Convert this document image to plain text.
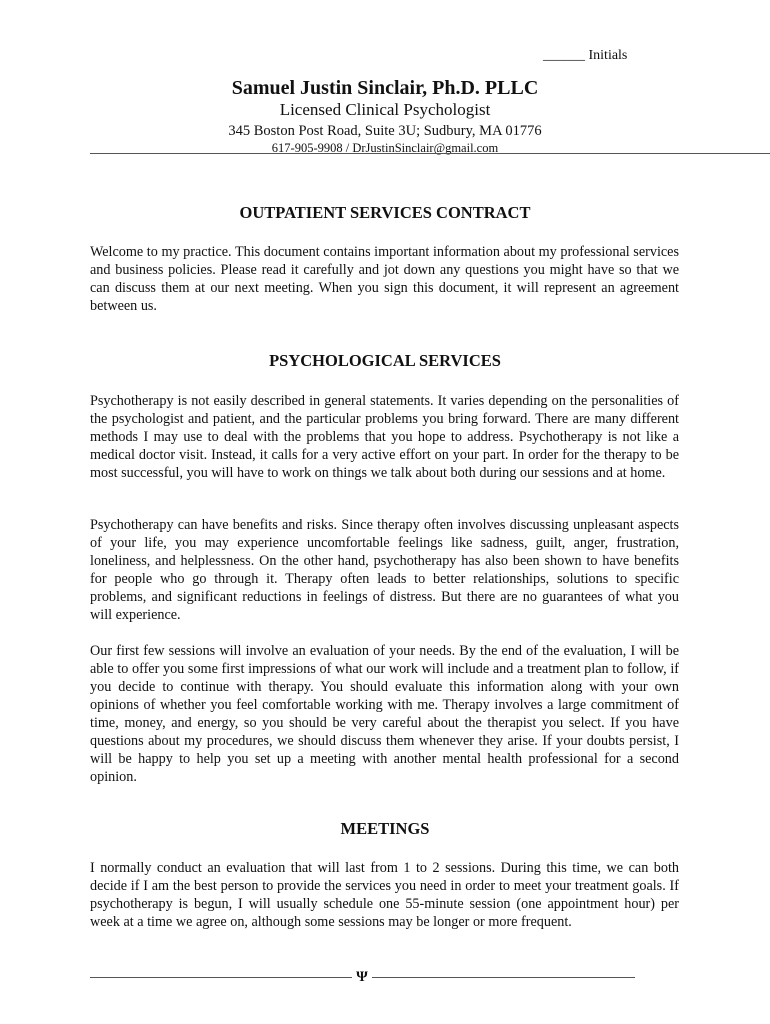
______ Initials
Samuel Justin Sinclair, Ph.D. PLLC
Licensed Clinical Psychologist
345 Boston Post Road, Suite 3U; Sudbury, MA 01776
617-905-9908 / DrJustinSinclair@gmail.com
OUTPATIENT SERVICES CONTRACT

Welcome to my practice. This document contains important information about my professional services and business policies. Please read it carefully and jot down any questions you might have so that we can discuss them at our next meeting. When you sign this document, it will represent an agreement between us.

PSYCHOLOGICAL SERVICES

Psychotherapy is not easily described in general statements. It varies depending on the personalities of the psychologist and patient, and the particular problems you bring forward. There are many different methods I may use to deal with the problems that you hope to address. Psychotherapy is not like a medical doctor visit. Instead, it calls for a very active effort on your part. In order for the therapy to be most successful, you will have to work on things we talk about both during our sessions and at home.

Psychotherapy can have benefits and risks. Since therapy often involves discussing unpleasant aspects of your life, you may experience uncomfortable feelings like sadness, guilt, anger, frustration, loneliness, and helplessness. On the other hand, psychotherapy has also been shown to have benefits for people who go through it. Therapy often leads to better relationships, solutions to specific problems, and significant reductions in feelings of distress. But there are no guarantees of what you will experience.

Our first few sessions will involve an evaluation of your needs. By the end of the evaluation, I will be able to offer you some first impressions of what our work will include and a treatment plan to follow, if you decide to continue with therapy. You should evaluate this information along with your own opinions of whether you feel comfortable working with me. Therapy involves a large commitment of time, money, and energy, so you should be very careful about the therapist you select. If you have questions about my procedures, we should discuss them whenever they arise. If your doubts persist, I will be happy to help you set up a meeting with another mental health professional for a second opinion.

MEETINGS

I normally conduct an evaluation that will last from 1 to 2 sessions. During this time, we can both decide if I am the best person to provide the services you need in order to meet your treatment goals. If psychotherapy is begun, I will usually schedule one 55-minute session (one appointment hour) per week at a time we agree on, although some sessions may be longer or more frequent.

Ψ
